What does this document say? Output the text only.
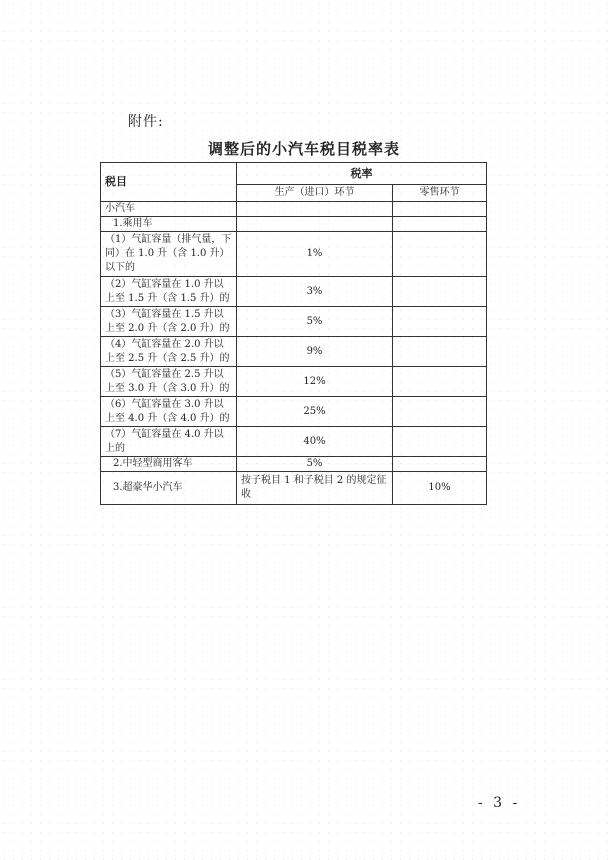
附件:
调整后的小汽车税目税率表
税目	税率	
	生产（进口）环节	零售环节
小汽车		
1.乘用车		
（1）气缸容量（排气量，下同）在 1.0 升（含 1.0 升）以下的	1%	
（2）气缸容量在 1.0 升以上至 1.5 升（含 1.5 升）的	3%	
（3）气缸容量在 1.5 升以上至 2.0 升（含 2.0 升）的	5%	
（4）气缸容量在 2.0 升以上至 2.5 升（含 2.5 升）的	9%	
（5）气缸容量在 2.5 升以上至 3.0 升（含 3.0 升）的	12%	
（6）气缸容量在 3.0 升以上至 4.0 升（含 4.0 升）的	25%	
（7）气缸容量在 4.0 升以上的	40%	
2.中轻型商用客车	5%	
3.超豪华小汽车	按子税目 1 和子税目 2 的规定征收	10%
- 3 -
